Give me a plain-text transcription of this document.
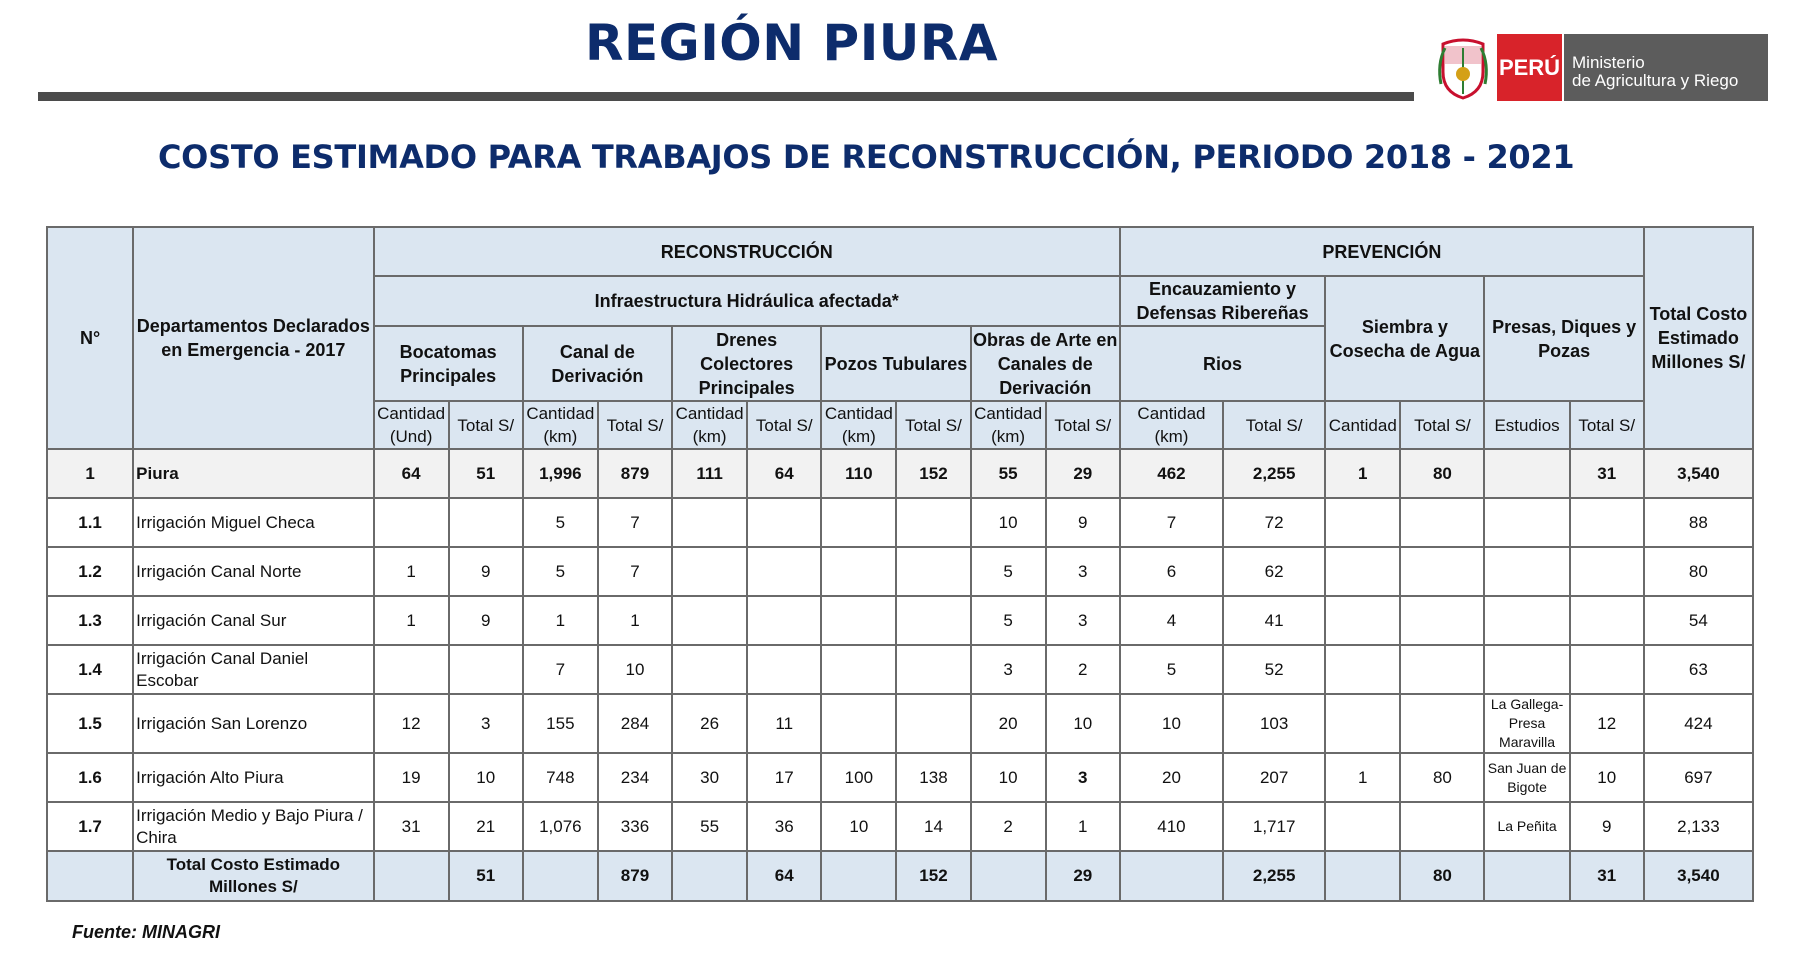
REGIÓN PIURA	PERÚ Ministerio
de Agricultura y Riego
COSTO ESTIMADO PARA TRABAJOS DE RECONSTRUCCIÓN, PERIODO 2018 - 2021
N°	Departamentos Declarados en Emergencia - 2017	RECONSTRUCCIÓN										PREVENCIÓN						Total Costo Estimado Millones S/
		Infraestructura Hidráulica afectada*										Encauzamiento y Defensas Ribereñas		Siembra y Cosecha de Agua		Presas, Diques y Pozas		
		Bocatomas Principales		Canal de Derivación		Drenes Colectores Principales		Pozos Tubulares		Obras de Arte en Canales de Derivación		Rios						
		Cantidad (Und)	Total S/	Cantidad (km)	Total S/	Cantidad (km)	Total S/	Cantidad (km)	Total S/	Cantidad (km)	Total S/	Cantidad (km)	Total S/	Cantidad	Total S/	Estudios	Total S/	
1	Piura	64	51	1,996	879	111	64	110	152	55	29	462	2,255	1	80		31	3,540
1.1	Irrigación Miguel Checa			5	7					10	9	7	72					88
1.2	Irrigación Canal Norte	1	9	5	7					5	3	6	62					80
1.3	Irrigación Canal Sur	1	9	1	1					5	3	4	41					54
1.4	Irrigación Canal Daniel Escobar			7	10					3	2	5	52					63
1.5	Irrigación San Lorenzo	12	3	155	284	26	11			20	10	10	103			La Gallega-Presa Maravilla	12	424
1.6	Irrigación Alto Piura	19	10	748	234	30	17	100	138	10	3	20	207	1	80	San Juan de Bigote	10	697
1.7	Irrigación Medio y Bajo Piura / Chira	31	21	1,076	336	55	36	10	14	2	1	410	1,717			La Peñita	9	2,133
	Total Costo Estimado Millones S/		51		879		64		152		29		2,255		80		31	3,540
Fuente: MINAGRI
